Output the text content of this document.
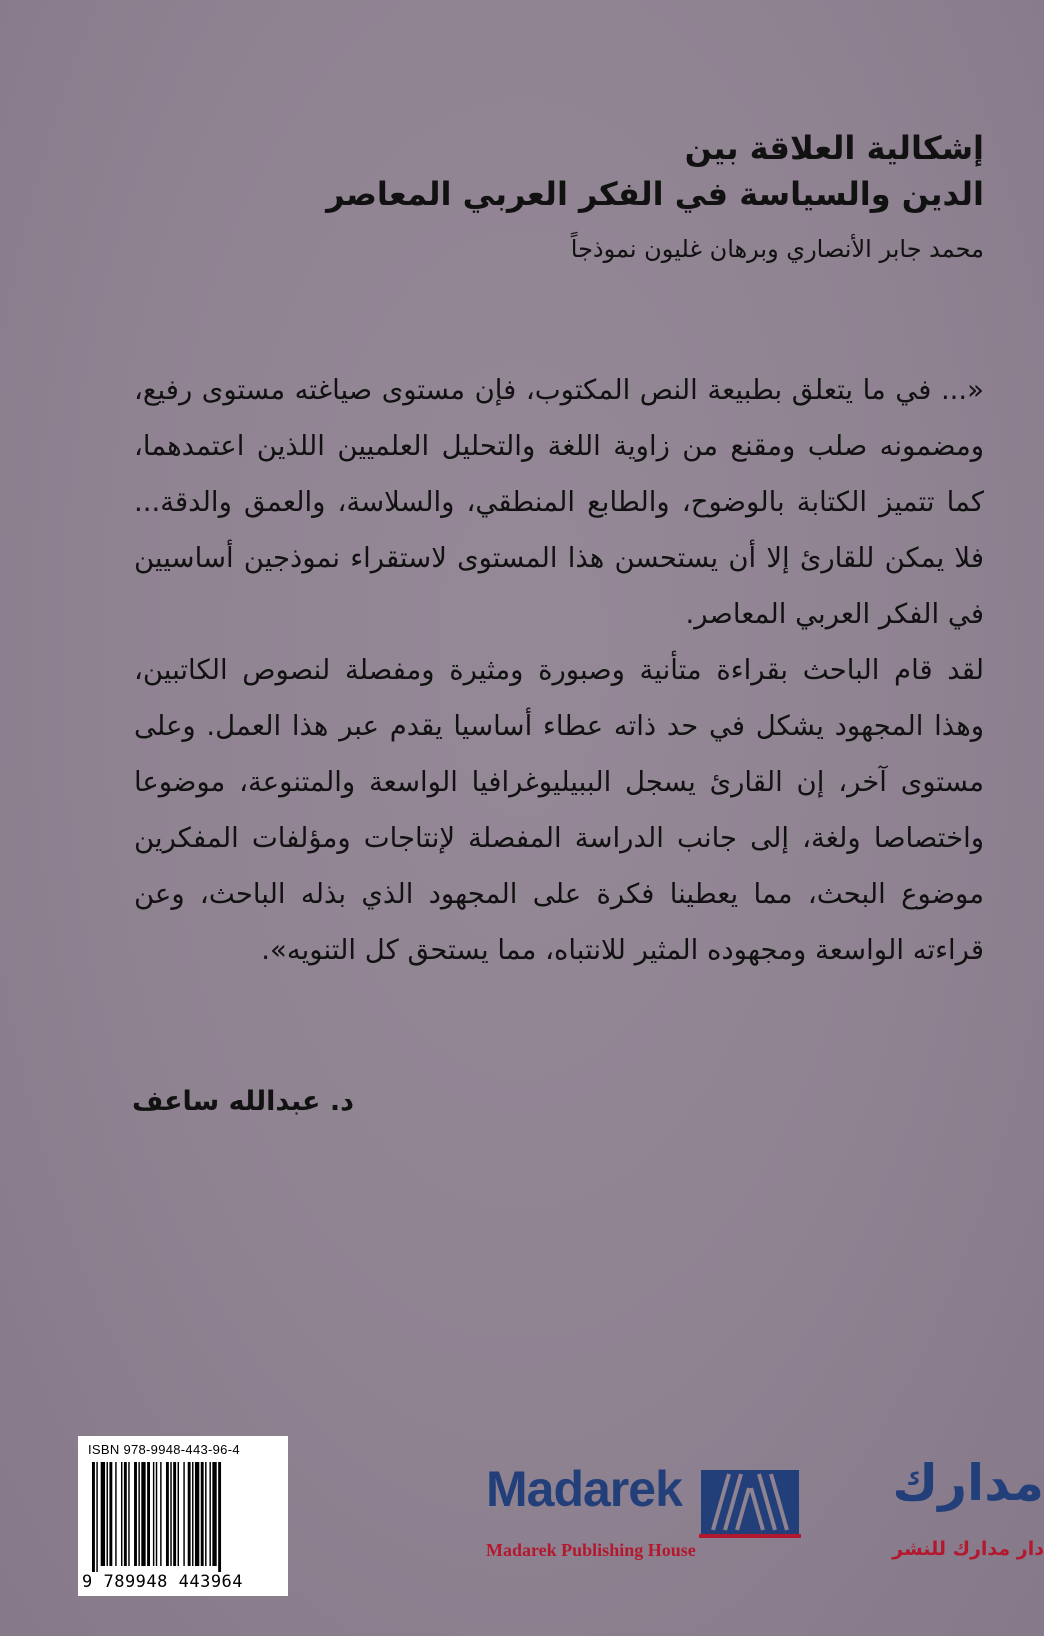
إشكالية العلاقة بين
الدين والسياسة في الفكر العربي المعاصر
محمد جابر الأنصاري وبرهان غليون نموذجاً

«... في ما يتعلق بطبيعة النص المكتوب، فإن مستوى صياغته مستوى رفيع، ومضمونه صلب ومقنع من زاوية اللغة والتحليل العلميين اللذين اعتمدهما، كما تتميز الكتابة بالوضوح، والطابع المنطقي، والسلاسة، والعمق والدقة... فلا يمكن للقارئ إلا أن يستحسن هذا المستوى لاستقراء نموذجين أساسيين في الفكر العربي المعاصر.

لقد قام الباحث بقراءة متأنية وصبورة ومثيرة ومفصلة لنصوص الكاتبين، وهذا المجهود يشكل في حد ذاته عطاء أساسيا يقدم عبر هذا العمل. وعلى مستوى آخر، إن القارئ يسجل الببيليوغرافيا الواسعة والمتنوعة، موضوعا واختصاصا ولغة، إلى جانب الدراسة المفصلة لإنتاجات ومؤلفات المفكرين موضوع البحث، مما يعطينا فكرة على المجهود الذي بذله الباحث، وعن قراءته الواسعة ومجهوده المثير للانتباه، مما يستحق كل التنويه».

د. عبدالله ساعف
ISBN 978-9948-443-96-4
9 789948 443964
Madarek	مدارك
Madarek Publishing House	دار مدارك للنشر
